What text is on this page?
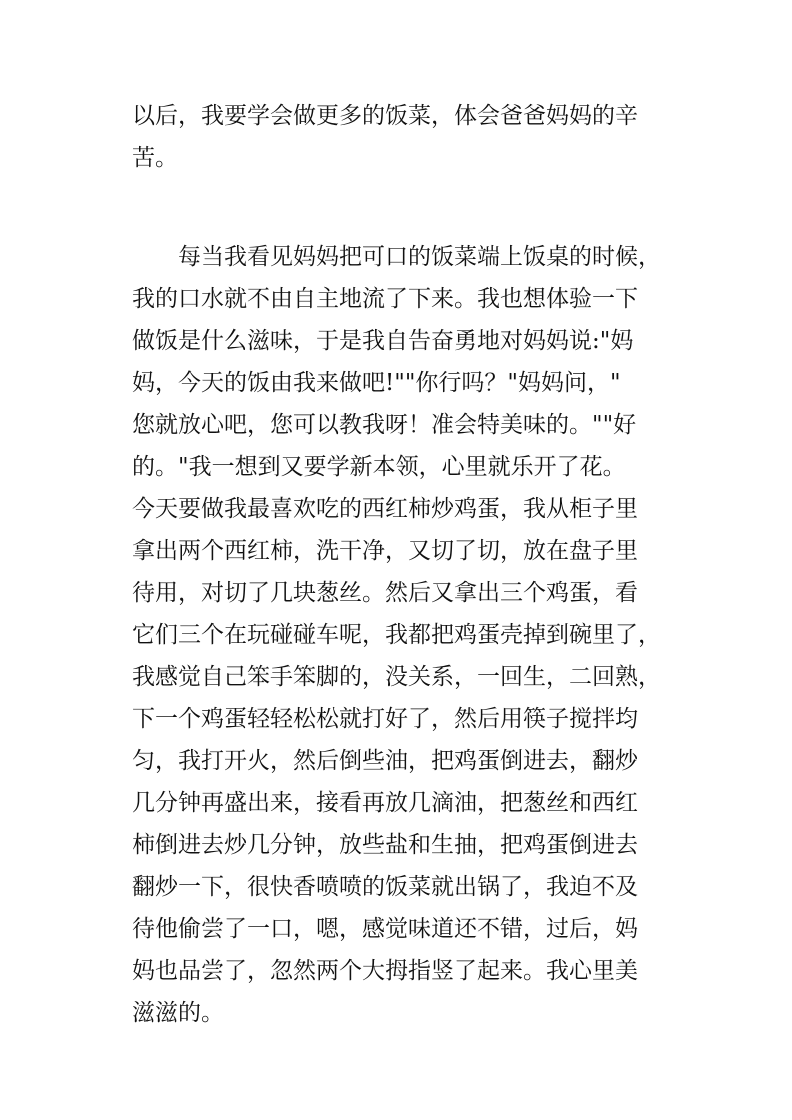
以后，我要学会做更多的饭菜，体会爸爸妈妈的辛
苦。
每当我看见妈妈把可口的饭菜端上饭桌的时候，
我的口水就不由自主地流了下来。我也想体验一下
做饭是什么滋味，于是我自告奋勇地对妈妈说:"妈
妈，今天的饭由我来做吧!""你行吗？"妈妈问，"
您就放心吧，您可以教我呀！准会特美味的。""好
的。"我一想到又要学新本领，心里就乐开了花。
今天要做我最喜欢吃的西红柿炒鸡蛋，我从柜子里
拿出两个西红柿，洗干净，又切了切，放在盘子里
待用，对切了几块葱丝。然后又拿出三个鸡蛋，看
它们三个在玩碰碰车呢，我都把鸡蛋壳掉到碗里了，
我感觉自己笨手笨脚的，没关系，一回生，二回熟，
下一个鸡蛋轻轻松松就打好了，然后用筷子搅拌均
匀，我打开火，然后倒些油，把鸡蛋倒进去，翻炒
几分钟再盛出来，接看再放几滴油，把葱丝和西红
柿倒进去炒几分钟，放些盐和生抽，把鸡蛋倒进去
翻炒一下，很快香喷喷的饭菜就出锅了，我迫不及
待他偷尝了一口，嗯，感觉味道还不错，过后，妈
妈也品尝了，忽然两个大拇指竖了起来。我心里美
滋滋的。
